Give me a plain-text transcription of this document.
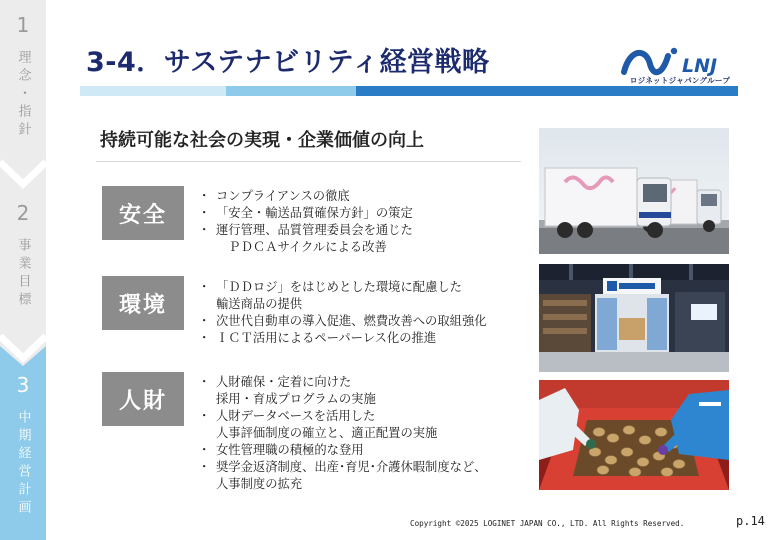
1
理念・指針
2
事業目標
3
中期経営計画
3-4．サステナビリティ経営戦略	LNJ
ロジネットジャパングループ
持続可能な社会の実現・企業価値の向上
安全
・ コンプライアンスの徹底
・ 「安全・輸送品質確保方針」の策定
・ 運行管理、品質管理委員会を通じた
　ＰＤＣＡサイクルによる改善
環境
・ 「ＤＤロジ」をはじめとした環境に配慮した
輸送商品の提供
・ 次世代自動車の導入促進、燃費改善への取組強化
・ ＩＣＴ活用によるペーパーレス化の推進
人財
・ 人財確保・定着に向けた
採用・育成プログラムの実施
・ 人財データベースを活用した
人事評価制度の確立と、適正配置の実施
・ 女性管理職の積極的な登用
・ 奨学金返済制度、出産･育児･介護休暇制度など、
人事制度の拡充
Copyright ©2025 LOGINET JAPAN CO., LTD. All Rights Reserved.	p.14
